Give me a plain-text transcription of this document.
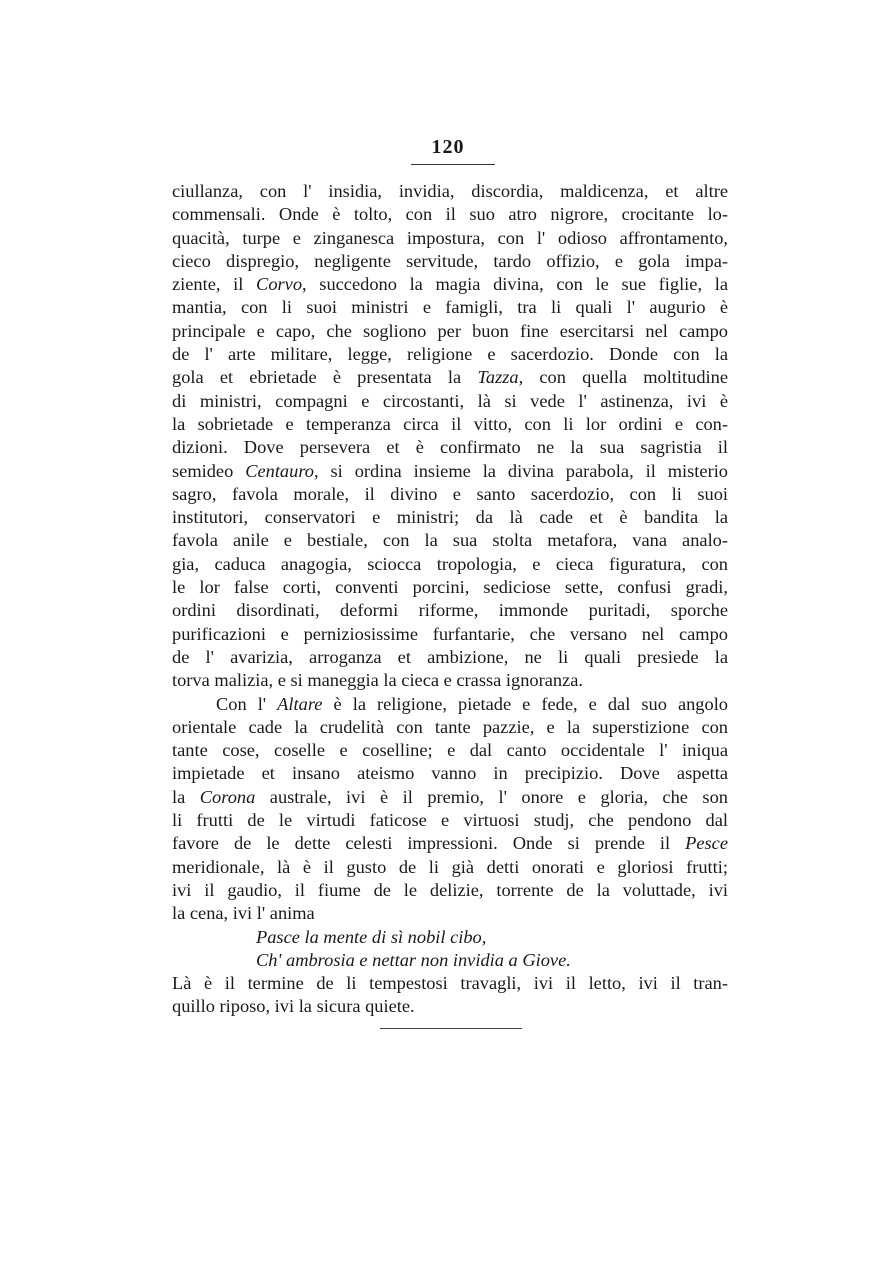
120
ciullanza, con l' insidia, invidia, discordia, maldicenza, et altre
commensali. Onde è tolto, con il suo atro nigrore, crocitante lo-
quacità, turpe e zinganesca impostura, con l' odioso affrontamento,
cieco dispregio, negligente servitude, tardo offizio, e gola impa-
ziente, il Corvo, succedono la magia divina, con le sue figlie, la
mantia, con li suoi ministri e famigli, tra li quali l' augurio è
principale e capo, che sogliono per buon fine esercitarsi nel campo
de l' arte militare, legge, religione e sacerdozio. Donde con la
gola et ebrietade è presentata la Tazza, con quella moltitudine
di ministri, compagni e circostanti, là si vede l' astinenza, ivi è
la sobrietade e temperanza circa il vitto, con li lor ordini e con-
dizioni. Dove persevera et è confirmato ne la sua sagristia il
semideo Centauro, si ordina insieme la divina parabola, il misterio
sagro, favola morale, il divino e santo sacerdozio, con li suoi
institutori, conservatori e ministri; da là cade et è bandita la
favola anile e bestiale, con la sua stolta metafora, vana analo-
gia, caduca anagogia, sciocca tropologia, e cieca figuratura, con
le lor false corti, conventi porcini, sediciose sette, confusi gradi,
ordini disordinati, deformi riforme, immonde puritadi, sporche
purificazioni e perniziosissime furfantarie, che versano nel campo
de l' avarizia, arroganza et ambizione, ne li quali presiede la
torva malizia, e si maneggia la cieca e crassa ignoranza.
Con l' Altare è la religione, pietade e fede, e dal suo angolo
orientale cade la crudelità con tante pazzie, e la superstizione con
tante cose, coselle e coselline; e dal canto occidentale l' iniqua
impietade et insano ateismo vanno in precipizio. Dove aspetta
la Corona australe, ivi è il premio, l' onore e gloria, che son
li frutti de le virtudi faticose e virtuosi studj, che pendono dal
favore de le dette celesti impressioni. Onde si prende il Pesce
meridionale, là è il gusto de li già detti onorati e gloriosi frutti;
ivi il gaudio, il fiume de le delizie, torrente de la voluttade, ivi
la cena, ivi l' anima
Pasce la mente di sì nobil cibo,
Ch' ambrosia e nettar non invidia a Giove.
Là è il termine de li tempestosi travagli, ivi il letto, ivi il tran-
quillo riposo, ivi la sicura quiete.
